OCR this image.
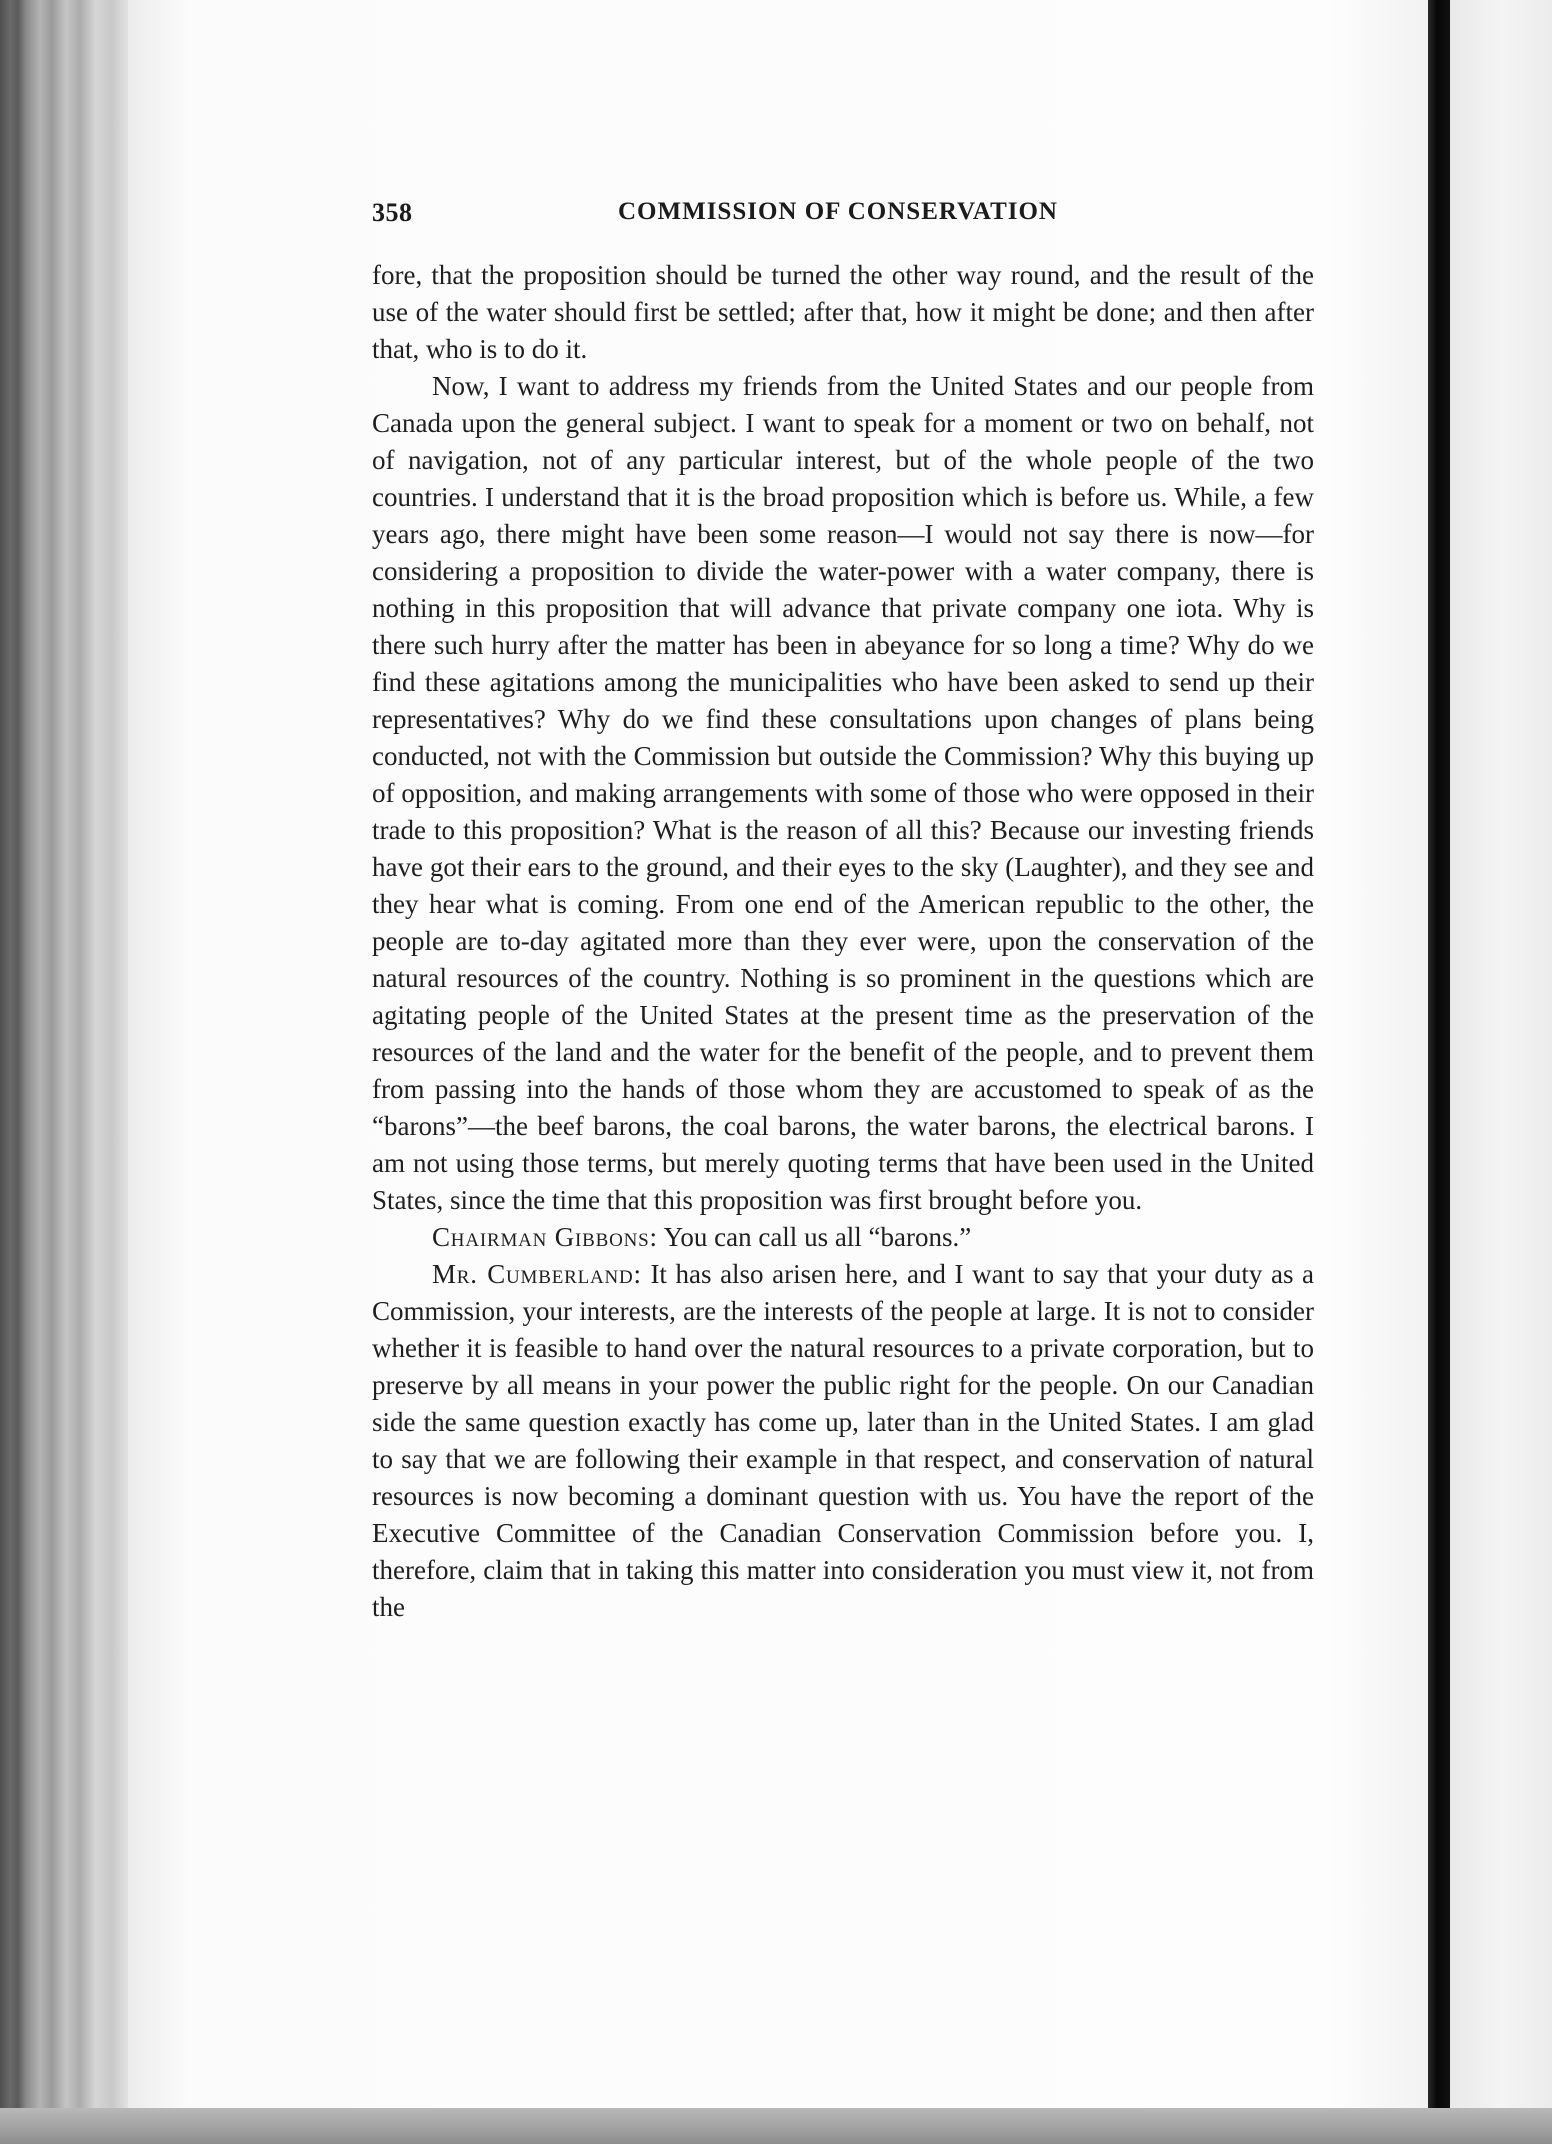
358	COMMISSION OF CONSERVATION

fore, that the proposition should be turned the other way round, and the result of the use of the water should first be settled; after that, how it might be done; and then after that, who is to do it.

Now, I want to address my friends from the United States and our people from Canada upon the general subject. I want to speak for a moment or two on behalf, not of navigation, not of any particular interest, but of the whole people of the two countries. I understand that it is the broad proposition which is before us. While, a few years ago, there might have been some reason—I would not say there is now—for considering a proposition to divide the water-power with a water company, there is nothing in this proposition that will advance that private company one iota. Why is there such hurry after the matter has been in abeyance for so long a time? Why do we find these agitations among the municipalities who have been asked to send up their representatives? Why do we find these consultations upon changes of plans being conducted, not with the Commission but outside the Commission? Why this buying up of opposition, and making arrangements with some of those who were opposed in their trade to this proposition? What is the reason of all this? Because our investing friends have got their ears to the ground, and their eyes to the sky (Laughter), and they see and they hear what is coming. From one end of the American republic to the other, the people are to-day agitated more than they ever were, upon the conservation of the natural resources of the country. Nothing is so prominent in the questions which are agitating people of the United States at the present time as the preservation of the resources of the land and the water for the benefit of the people, and to prevent them from passing into the hands of those whom they are accustomed to speak of as the “barons”—the beef barons, the coal barons, the water barons, the electrical barons. I am not using those terms, but merely quoting terms that have been used in the United States, since the time that this proposition was first brought before you.

Chairman Gibbons: You can call us all “barons.”

Mr. Cumberland: It has also arisen here, and I want to say that your duty as a Commission, your interests, are the interests of the people at large. It is not to consider whether it is feasible to hand over the natural resources to a private corporation, but to preserve by all means in your power the public right for the people. On our Canadian side the same question exactly has come up, later than in the United States. I am glad to say that we are following their example in that respect, and conservation of natural resources is now becoming a dominant question with us. You have the report of the Executive Committee of the Canadian Conservation Commission before you. I, therefore, claim that in taking this matter into consideration you must view it, not from the
